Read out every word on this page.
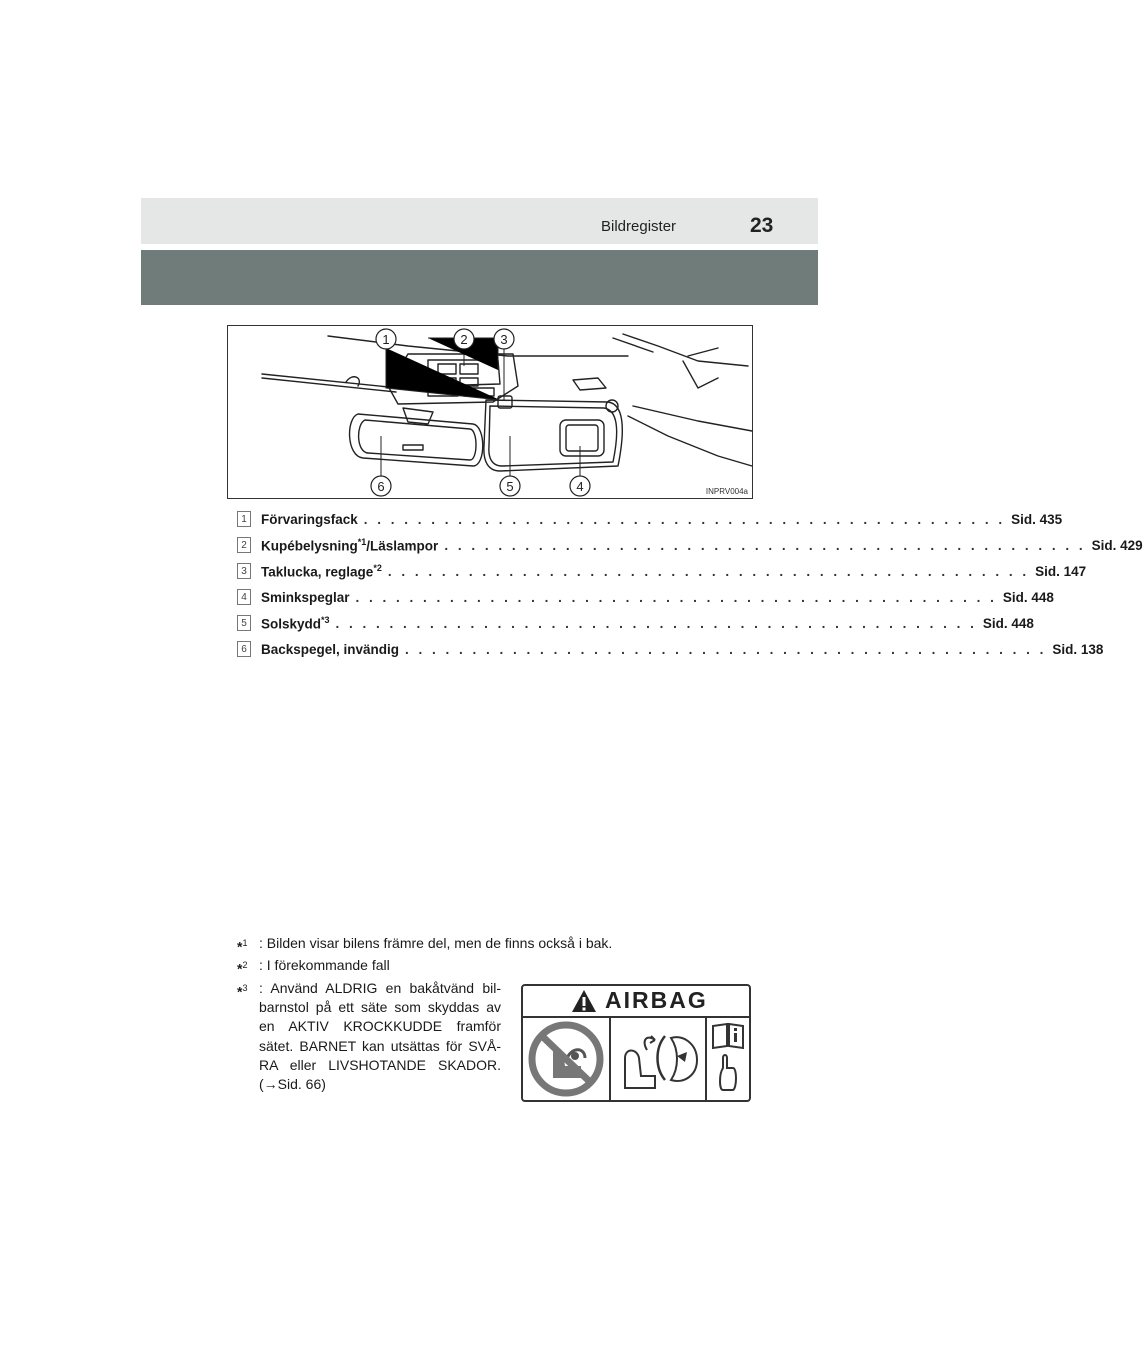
Bildregister	23
1	2	3
4
5
6	INPRV004a
1	Förvaringsfack . . . . . . . . . . . . . . . . . . . . . . . . . . . . . . . . . . . . . . . . . . . . . . . . Sid. 435
2	Kupébelysning$^{*1}$/Läslampor . . . . . . . . . . . . . . . . . . . . . . . . . . . . . . . . . . . . . . . . . . . . . . . . Sid. 429
3	Taklucka, reglage$^{*2}$ . . . . . . . . . . . . . . . . . . . . . . . . . . . . . . . . . . . . . . . . . . . . . . . . Sid. 147
4	Sminkspeglar . . . . . . . . . . . . . . . . . . . . . . . . . . . . . . . . . . . . . . . . . . . . . . . . Sid. 448
5	Solskydd$^{*3}$ . . . . . . . . . . . . . . . . . . . . . . . . . . . . . . . . . . . . . . . . . . . . . . . . Sid. 448
6	Backspegel, invändig . . . . . . . . . . . . . . . . . . . . . . . . . . . . . . . . . . . . . . . . . . . . . . . . Sid. 138
*$^1$ : Bilden visar bilens främre del, men de finns också i bak.
*$^2$ : I förekommande fall
*$^3$ : Använd ALDRIG en bakåtvänd bil-barnstol på ett säte som skyddas av en AKTIV KROCKKUDDE framför sätet. BARNET kan utsättas för SVÅ-RA eller LIVSHOTANDE SKADOR. (→Sid. 66)
AIRBAG
